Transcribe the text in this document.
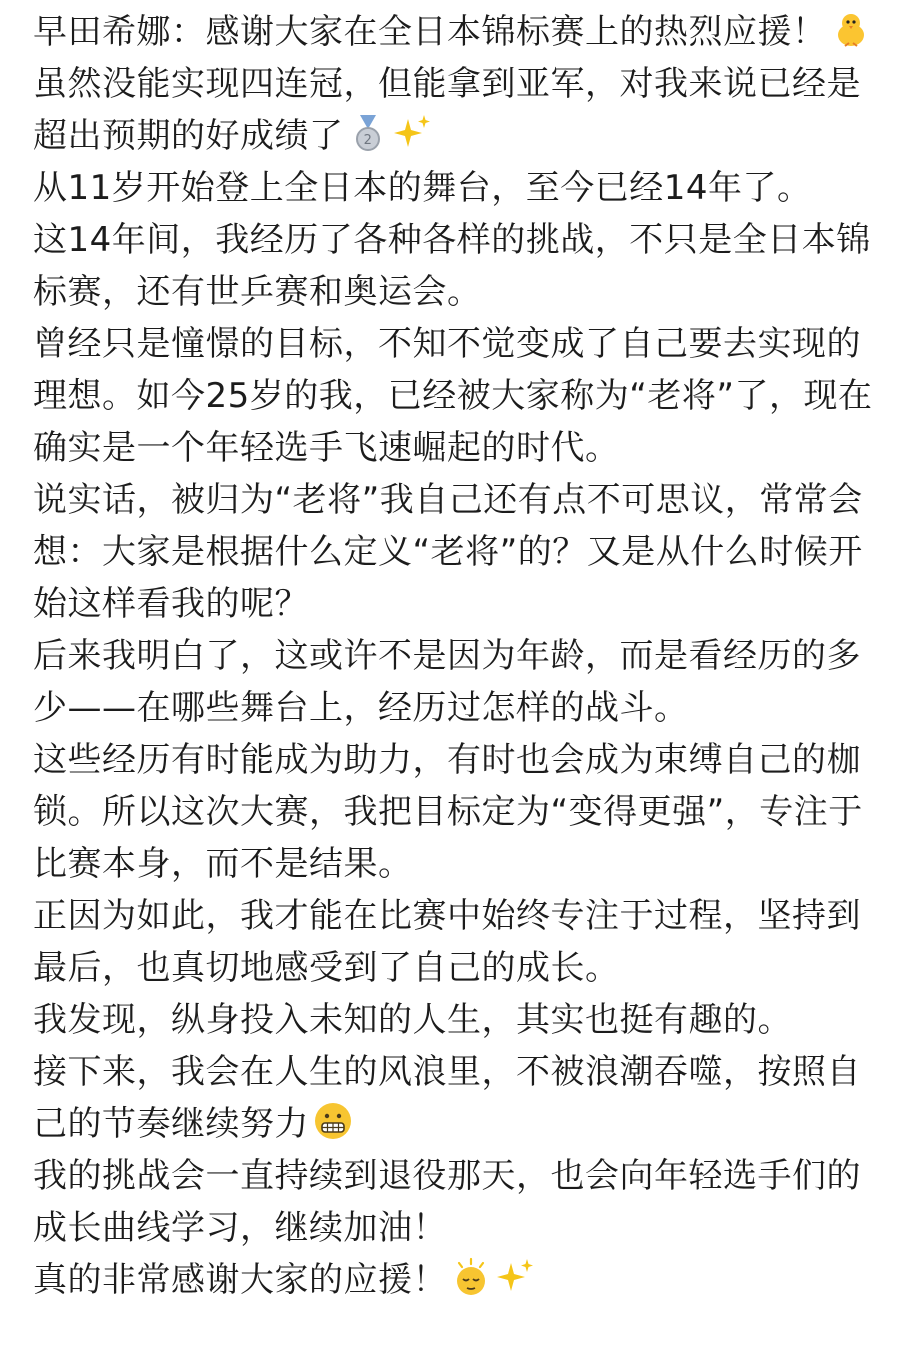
早田希娜：感谢大家在全日本锦标赛上的热烈应援！

虽然没能实现四连冠，但能拿到亚军，对我来说已经是超出预期的好成绩了 2

从11岁开始登上全日本的舞台，至今已经14年了。

这14年间，我经历了各种各样的挑战，不只是全日本锦标赛，还有世乒赛和奥运会。

曾经只是憧憬的目标，不知不觉变成了自己要去实现的理想。如今25岁的我，已经被大家称为“老将”了，现在确实是一个年轻选手飞速崛起的时代。

说实话，被归为“老将”我自己还有点不可思议，常常会想：大家是根据什么定义“老将”的？又是从什么时候开始这样看我的呢？

后来我明白了，这或许不是因为年龄，而是看经历的多少——在哪些舞台上，经历过怎样的战斗。

这些经历有时能成为助力，有时也会成为束缚自己的枷锁。所以这次大赛，我把目标定为“变得更强”，专注于比赛本身，而不是结果。

正因为如此，我才能在比赛中始终专注于过程，坚持到最后，也真切地感受到了自己的成长。

我发现，纵身投入未知的人生，其实也挺有趣的。

接下来，我会在人生的风浪里，不被浪潮吞噬，按照自己的节奏继续努力

我的挑战会一直持续到退役那天，也会向年轻选手们的成长曲线学习，继续加油！

真的非常感谢大家的应援！
